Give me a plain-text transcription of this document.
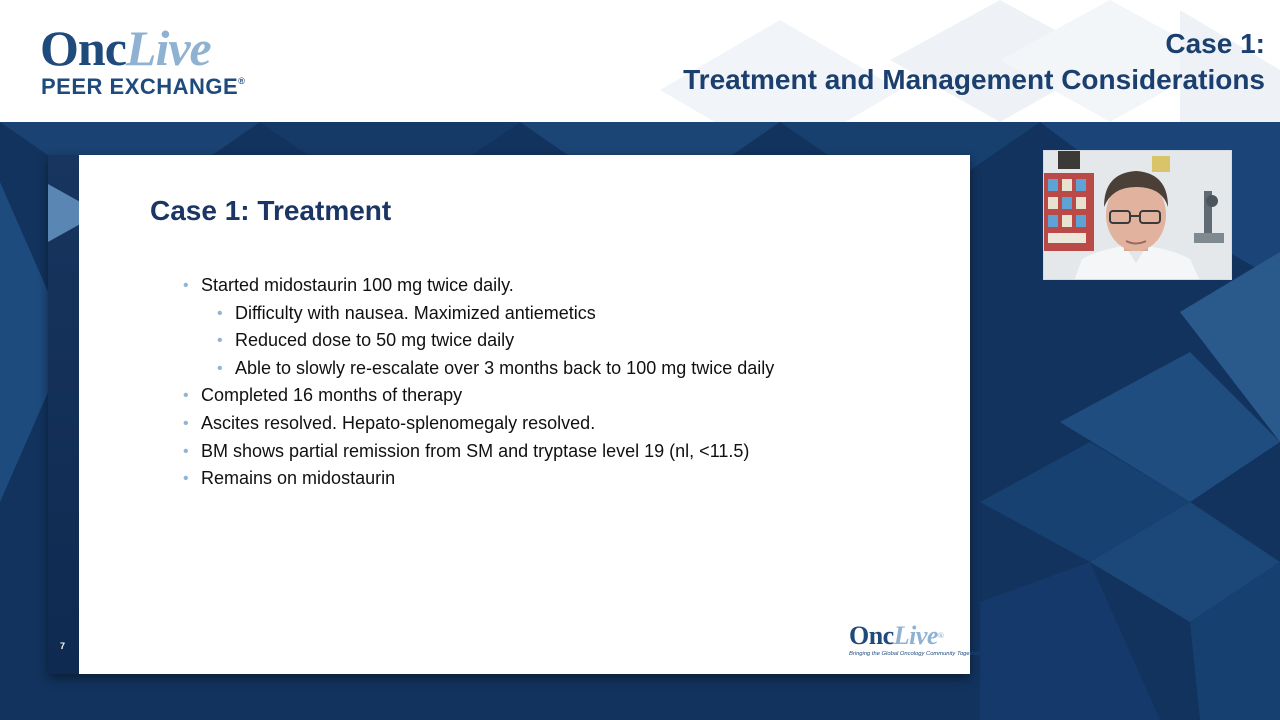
OncLive
PEER EXCHANGE®
Case 1:
Treatment and Management Considerations
7
Case 1: Treatment
• Started midostaurin 100 mg twice daily.
• Difficulty with nausea. Maximized antiemetics
• Reduced dose to 50 mg twice daily
• Able to slowly re-escalate over 3 months back to 100 mg twice daily
• Completed 16 months of therapy
• Ascites resolved. Hepato-splenomegaly resolved.
• BM shows partial remission from SM and tryptase level 19 (nl, <11.5)
• Remains on midostaurin
OncLive®
Bringing the Global Oncology Community Together
